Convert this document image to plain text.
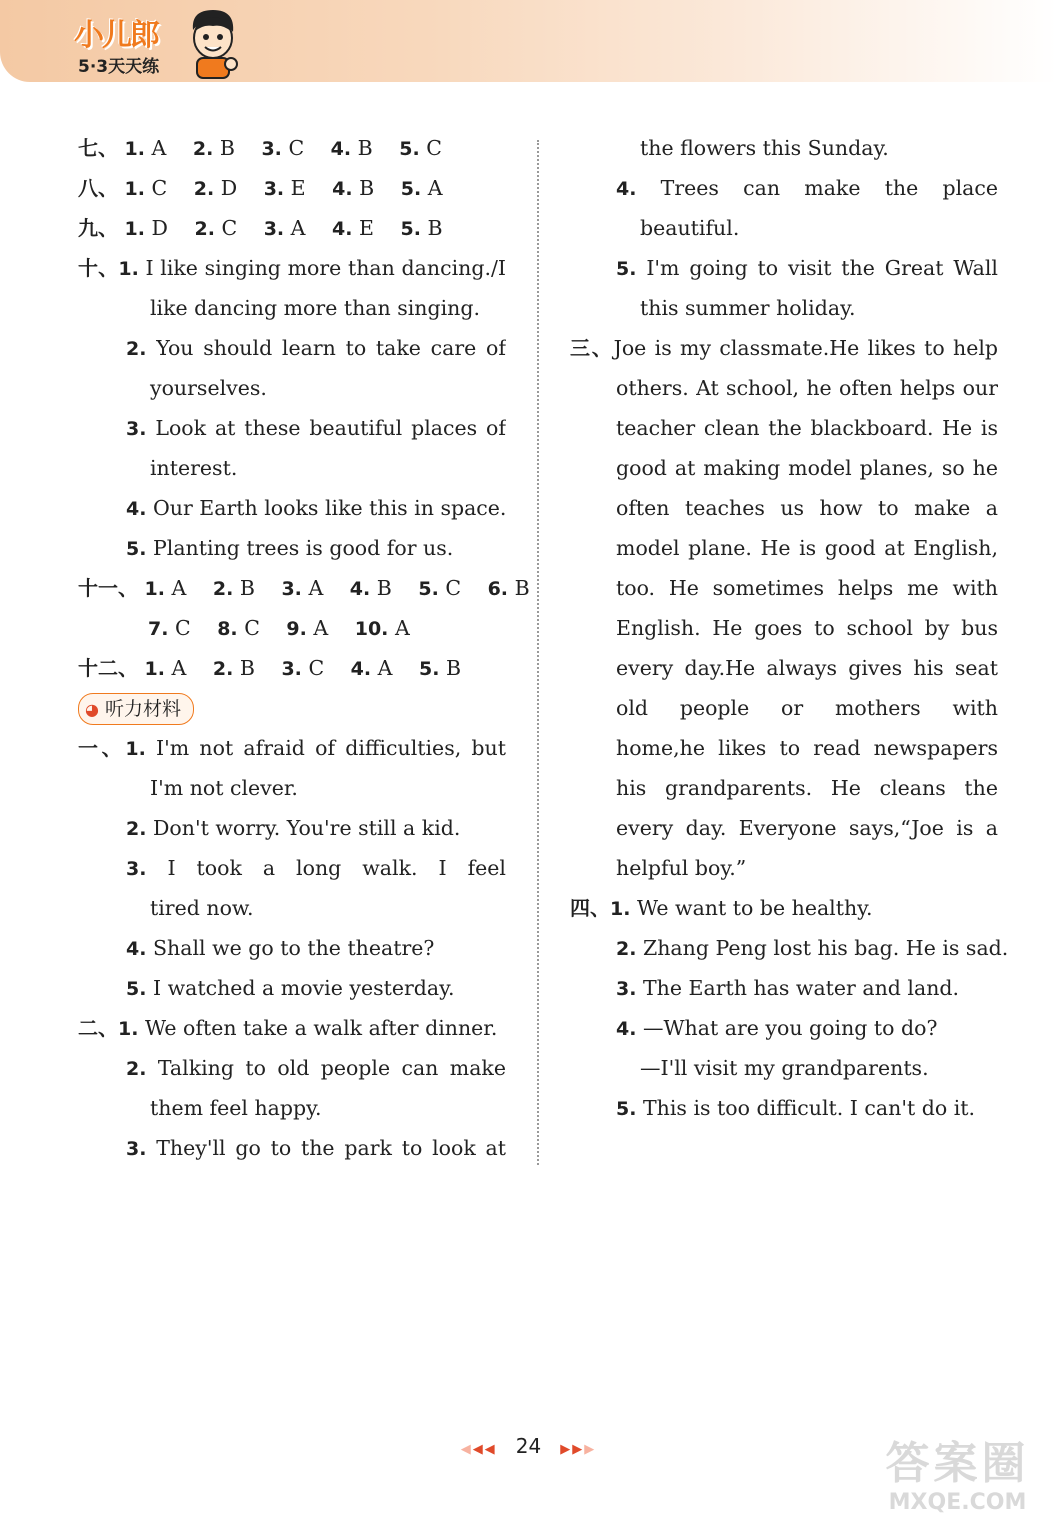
小儿郎
5·3天天练
七、 1. A 2. B 3. C 4. B 5. C
八、 1. C 2. D 3. E 4. B 5. A
九、 1. D 2. C 3. A 4. E 5. B
十、1. I like singing more than dancing./I
like dancing more than singing.
2. You should learn to take care of
yourselves.
3. Look at these beautiful places of
interest.
4. Our Earth looks like this in space.
5. Planting trees is good for us.
十一、 1. A 2. B 3. A 4. B 5. C 6. B
7. C 8. C 9. A 10. A
十二、 1. A 2. B 3. C 4. A 5. B
◕ 听力材料
一、1. I'm not afraid of difficulties, but
I'm not clever.
2. Don't worry. You're still a kid.
3. I took a long walk. I feel
tired now.
4. Shall we go to the theatre?
5. I watched a movie yesterday.
二、1. We often take a walk after dinner.
2. Talking to old people can make
them feel happy.
3. They'll go to the park to look at
the flowers this Sunday.
4. Trees can make the place
beautiful.
5. I'm going to visit the Great Wall
this summer holiday.
三、Joe is my classmate.He likes to help
others. At school, he often helps our
teacher clean the blackboard. He is
good at making model planes, so he
often teaches us how to make a
model plane. He is good at English,
too. He sometimes helps me with
English. He goes to school by bus
every day.He always gives his seat
old people or mothers with
home,he likes to read newspapers
his grandparents. He cleans the
every day. Everyone says,“Joe is a
helpful boy.”
四、1. We want to be healthy.
2. Zhang Peng lost his bag. He is sad.
3. The Earth has water and land.
4. —What are you going to do?
—I'll visit my grandparents.
5. This is too difficult. I can't do it.
◀◀◀ 24 ▶▶▶	答案圈
MXQE.COM
